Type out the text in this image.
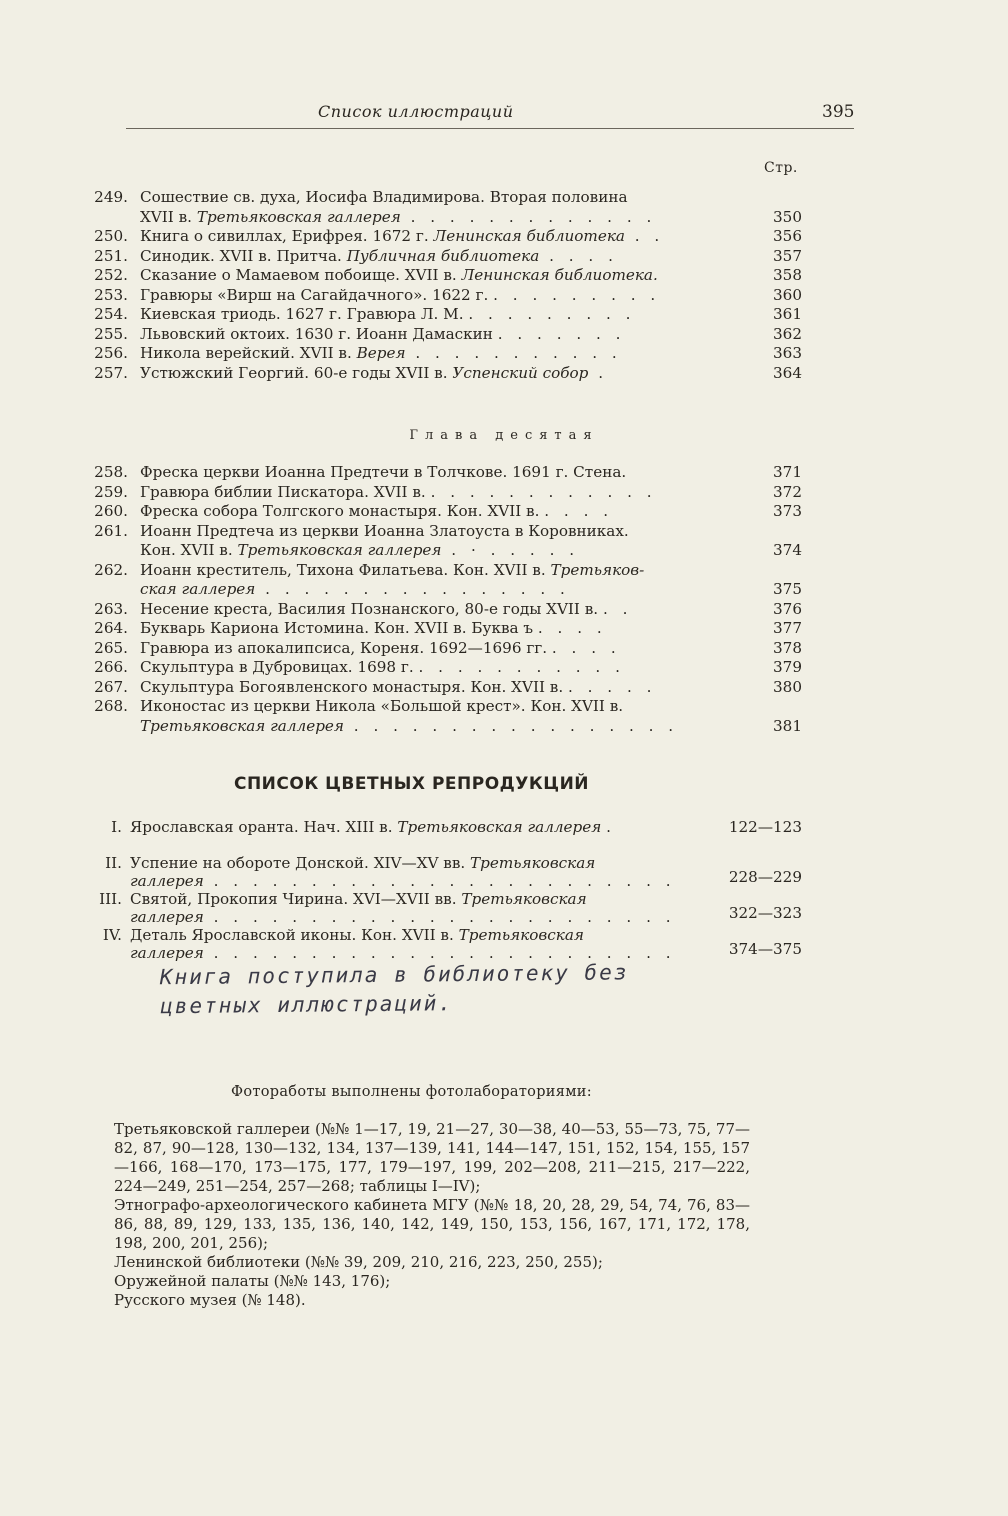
Список иллюстраций	395
Стр.
249. Сошествие св. духа, Иосифа Владимирова. Вторая половина
XVII в. Третьяковская галлерея . . . . . . . . . . . . .	350
250. Книга о сивиллах, Ерифрея. 1672 г. Ленинская библиотека . .	356
251. Синодик. XVII в. Притча. Публичная библиотека . . . .	357
252. Сказание о Мамаевом побоище. XVII в. Ленинская библиотека.	358
253. Гравюры «Вирш на Сагайдачного». 1622 г. . . . . . . . . .	360
254. Киевская триодь. 1627 г. Гравюра Л. М. . . . . . . . . .	361
255. Львовский октоих. 1630 г. Иоанн Дамаскин . . . . . . .	362
256. Никола верейский. XVII в. Верея . . . . . . . . . . .	363
257. Устюжский Георгий. 60-е годы XVII в. Успенский собор .	364
Глава десятая
258. Фреска церкви Иоанна Предтечи в Толчкове. 1691 г. Стена.	371
259. Гравюра библии Пискатора. XVII в. . . . . . . . . . . . .	372
260. Фреска собора Толгского монастыря. Кон. XVII в. . . . .	373
261. Иоанн Предтеча из церкви Иоанна Златоуста в Коровниках.
Кон. XVII в. Третьяковская галлерея . · . . . . .	374
262. Иоанн креститель, Тихона Филатьева. Кон. XVII в. Третьяков-
ская галлерея . . . . . . . . . . . . . . . .	375
263. Несение креста, Василия Познанского, 80-е годы XVII в. . .	376
264. Букварь Кариона Истомина. Кон. XVII в. Буква ъ . . . .	377
265. Гравюра из апокалипсиса, Кореня. 1692—1696 гг. . . . .	378
266. Скульптура в Дубровицах. 1698 г. . . . . . . . . . . .	379
267. Скульптура Богоявленского монастыря. Кон. XVII в. . . . . .	380
268. Иконостас из церкви Никола «Большой крест». Кон. XVII в.
Третьяковская галлерея . . . . . . . . . . . . . . . . .	381
СПИСОК ЦВЕТНЫХ РЕПРОДУКЦИЙ
I. Ярославская оранта. Нач. XIII в. Третьяковская галлерея .	122—123
II. Успение на обороте Донской. XIV—XV вв. Третьяковская
галлерея . . . . . . . . . . . . . . . . . . . . . . . .	228—229
III. Святой, Прокопия Чирина. XVI—XVII вв. Третьяковская
галлерея . . . . . . . . . . . . . . . . . . . . . . . .	322—323
IV. Деталь Ярославской иконы. Кон. XVII в. Третьяковская
галлерея . . . . . . . . . . . . . . . . . . . . . . . .	374—375
Книга поступила в библиотеку без
цветных иллюстраций.
Фотоработы выполнены фотолабораториями:

Третьяковской галлереи (№№ 1—17, 19, 21—27, 30—38, 40—53, 55—73, 75, 77—82, 87, 90—128, 130—132, 134, 137—139, 141, 144—147, 151, 152, 154, 155, 157—166, 168—170, 173—175, 177, 179—197, 199, 202—208, 211—215, 217—222, 224—249, 251—254, 257—268; таблицы I—IV);

Этнографо-археологического кабинета МГУ (№№ 18, 20, 28, 29, 54, 74, 76, 83—86, 88, 89, 129, 133, 135, 136, 140, 142, 149, 150, 153, 156, 167, 171, 172, 178, 198, 200, 201, 256);

Ленинской библиотеки (№№ 39, 209, 210, 216, 223, 250, 255);

Оружейной палаты (№№ 143, 176);

Русского музея (№ 148).
